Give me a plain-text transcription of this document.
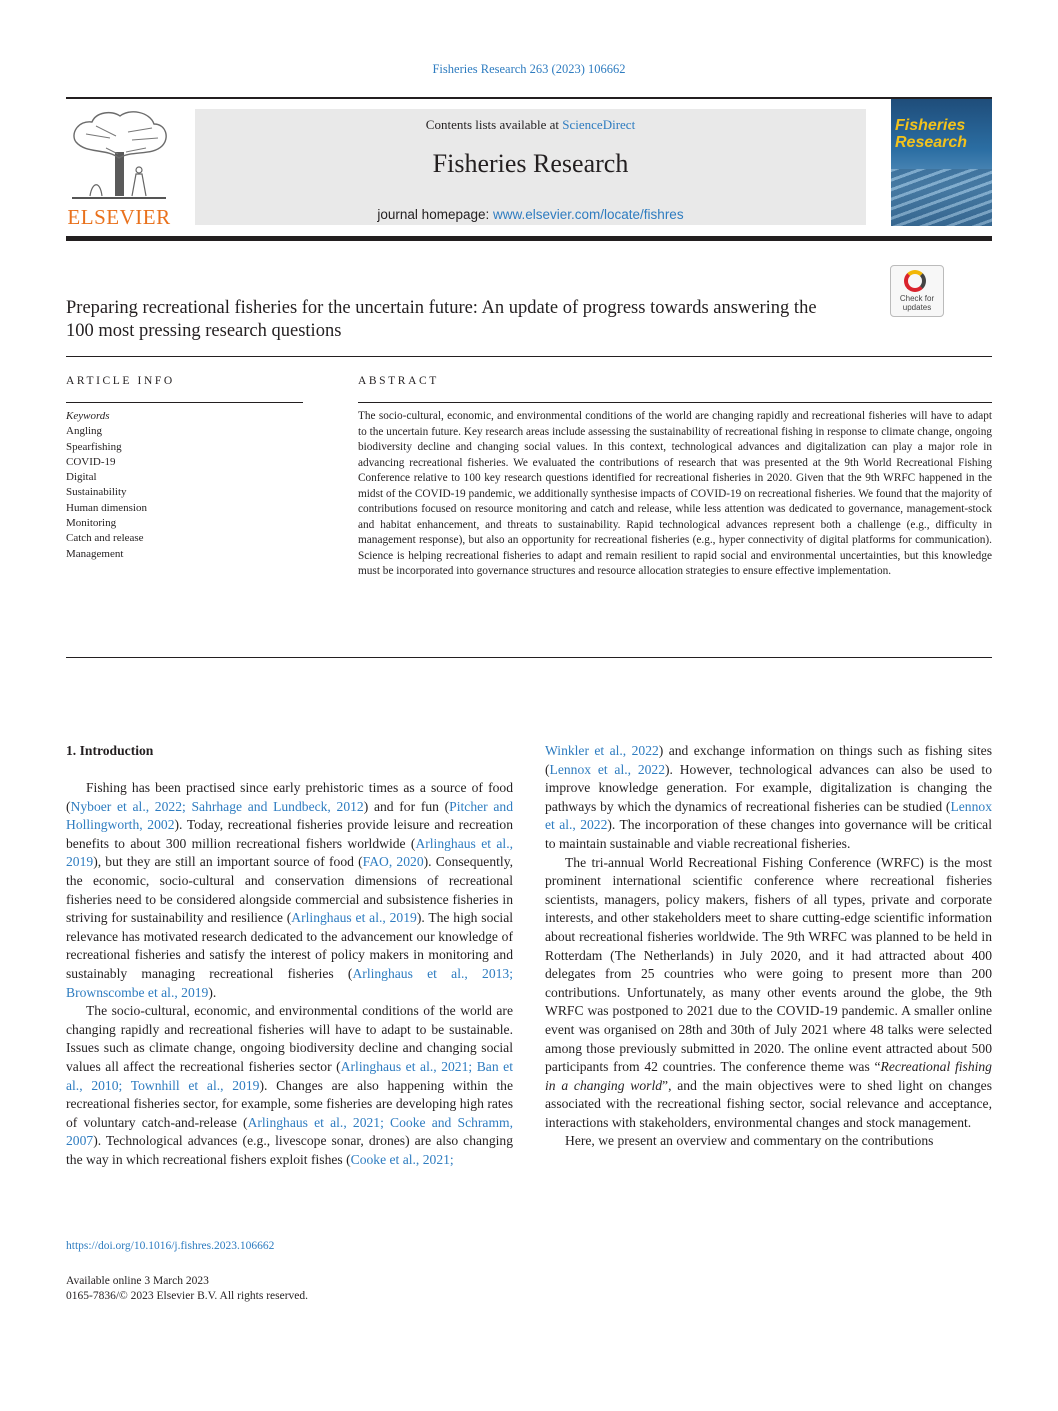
Fisheries Research 263 (2023) 106662
ELSEVIER
Contents lists available at ScienceDirect
Fisheries Research
journal homepage: www.elsevier.com/locate/fishres
Fisheries
Research
Check for
updates
Preparing recreational fisheries for the uncertain future: An update of progress towards answering the 100 most pressing research questions
ARTICLE INFO
Keywords
Angling
Spearfishing
COVID-19
Digital
Sustainability
Human dimension
Monitoring
Catch and release
Management
ABSTRACT
The socio-cultural, economic, and environmental conditions of the world are changing rapidly and recreational fisheries will have to adapt to the uncertain future. Key research areas include assessing the sustainability of recreational fishing in response to climate change, ongoing biodiversity decline and changing social values. In this context, technological advances and digitalization can play a major role in advancing recreational fisheries. We evaluated the contributions of research that was presented at the 9th World Recreational Fishing Conference relative to 100 key research questions identified for recreational fisheries in 2020. Given that the 9th WRFC happened in the midst of the COVID-19 pandemic, we additionally synthesise impacts of COVID-19 on recreational fisheries. We found that the majority of contributions focused on resource monitoring and catch and release, while less attention was dedicated to governance, management-stock and habitat enhancement, and threats to sustainability. Rapid technological advances represent both a challenge (e.g., difficulty in management response), but also an opportunity for recreational fisheries (e.g., hyper connectivity of digital platforms for communication). Science is helping recreational fisheries to adapt and remain resilient to rapid social and environmental uncertainties, but this knowledge must be incorporated into governance structures and resource allocation strategies to ensure effective implementation.
1. Introduction

Fishing has been practised since early prehistoric times as a source of food (Nyboer et al., 2022; Sahrhage and Lundbeck, 2012) and for fun (Pitcher and Hollingworth, 2002). Today, recreational fisheries provide leisure and recreation benefits to about 300 million recreational fishers worldwide (Arlinghaus et al., 2019), but they are still an important source of food (FAO, 2020). Consequently, the economic, socio-cultural and conservation dimensions of recreational fisheries need to be considered alongside commercial and subsistence fisheries in striving for sustainability and resilience (Arlinghaus et al., 2019). The high social relevance has motivated research dedicated to the advancement our knowledge of recreational fisheries and satisfy the interest of policy makers in monitoring and sustainably managing recreational fisheries (Arlinghaus et al., 2013; Brownscombe et al., 2019).

The socio-cultural, economic, and environmental conditions of the world are changing rapidly and recreational fisheries will have to adapt to be sustainable. Issues such as climate change, ongoing biodiversity decline and changing social values all affect the recreational fisheries sector (Arlinghaus et al., 2021; Ban et al., 2010; Townhill et al., 2019). Changes are also happening within the recreational fisheries sector, for example, some fisheries are developing high rates of voluntary catch-and-release (Arlinghaus et al., 2021; Cooke and Schramm, 2007). Technological advances (e.g., livescope sonar, drones) are also changing the way in which recreational fishers exploit fishes (Cooke et al., 2021;

Winkler et al., 2022) and exchange information on things such as fishing sites (Lennox et al., 2022). However, technological advances can also be used to improve knowledge generation. For example, digitalization is changing the pathways by which the dynamics of recreational fisheries can be studied (Lennox et al., 2022). The incorporation of these changes into governance will be critical to maintain sustainable and viable recreational fisheries.

The tri-annual World Recreational Fishing Conference (WRFC) is the most prominent international scientific conference where recreational fisheries scientists, managers, policy makers, fishers of all types, private and corporate interests, and other stakeholders meet to share cutting-edge scientific information about recreational fisheries worldwide. The 9th WRFC was planned to be held in Rotterdam (The Netherlands) in July 2020, and it had attracted about 400 delegates from 25 countries who were going to present more than 200 contributions. Unfortunately, as many other events around the globe, the 9th WRFC was postponed to 2021 due to the COVID-19 pandemic. A smaller online event was organised on 28th and 30th of July 2021 where 48 talks were selected among those previously submitted in 2020. The online event attracted about 500 participants from 42 countries. The conference theme was “Recreational fishing in a changing world”, and the main objectives were to shed light on changes associated with the recreational fishing sector, social relevance and acceptance, interactions with stakeholders, environmental changes and stock management.

Here, we present an overview and commentary on the contributions

https://doi.org/10.1016/j.fishres.2023.106662
Available online 3 March 2023
0165-7836/© 2023 Elsevier B.V. All rights reserved.
